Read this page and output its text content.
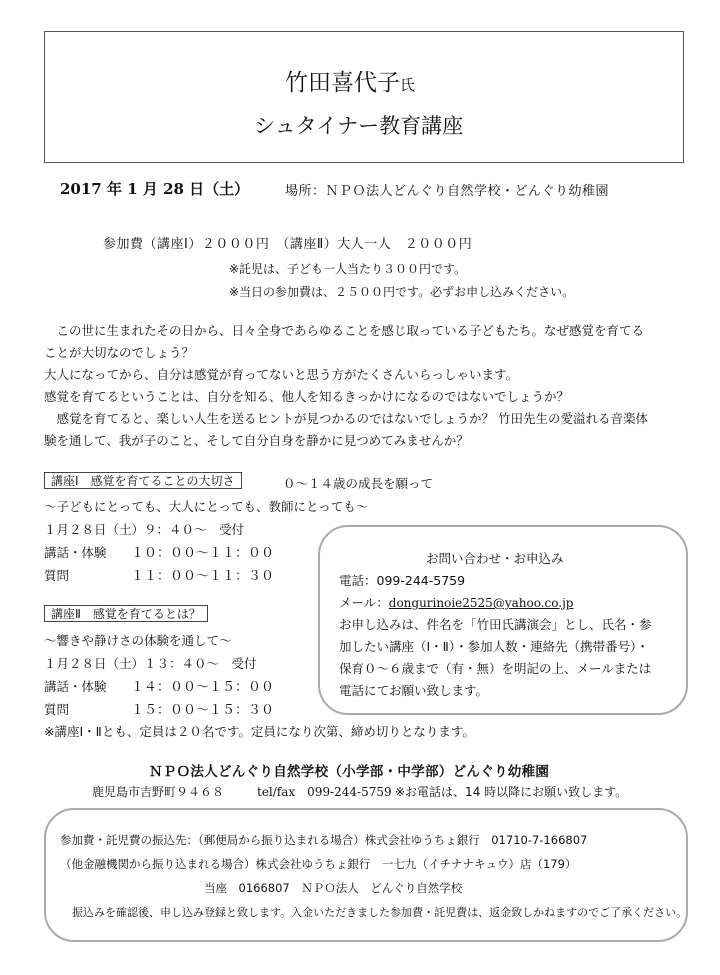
竹田喜代子氏
シュタイナー教育講座
2017 年 1 月 28 日（土）	場所：ＮＰＯ法人どんぐり自然学校・どんぐり幼稚園
参加費（講座Ⅰ）２０００円　（講座Ⅱ）大人一人　２０００円
※託児は、子ども一人当たり３００円です。
※当日の参加費は、２５００円です。必ずお申し込みください。
　この世に生まれたその日から、日々全身であらゆることを感じ取っている子どもたち。なぜ感覚を育てる
ことが大切なのでしょう？
大人になってから、自分は感覚が育ってないと思う方がたくさんいらっしゃいます。
感覚を育てるということは、自分を知る、他人を知るきっかけになるのではないでしょうか？
　感覚を育てると、楽しい人生を送るヒントが見つかるのではないでしょうか？ 竹田先生の愛溢れる音楽体
験を通して、我が子のこと、そして自分自身を静かに見つめてみませんか？
講座Ⅰ　感覚を育てることの大切さ	０～１４歳の成長を願って
～子どもにとっても、大人にとっても、教師にとっても～
１月２８日（土）９：４０～　受付
講話・体験 １０：００～１１：００
質問	１１：００～１１：３０
講座Ⅱ　感覚を育てるとは？
～響きや静けさの体験を通して～
１月２８日（土）１３：４０～　受付
講話・体験 １４：００～１５：００
質問	１５：００～１５：３０
※講座Ⅰ・Ⅱとも、定員は２０名です。定員になり次第、締め切りとなります。
お問い合わせ・お申込み
電話：099-244-5759
メール：dongurinoie2525@yahoo.co.jp
お申し込みは、件名を「竹田氏講演会」とし、氏名・参
加したい講座（Ⅰ・Ⅱ）・参加人数・連絡先（携帯番号）・
保育０～６歳まで（有・無）を明記の上、メールまたは
電話にてお願い致します。
ＮＰＯ法人どんぐり自然学校（小学部・中学部）どんぐり幼稚園
鹿児島市吉野町９４６８	tel/fax　099-244-5759 ※お電話は、14 時以降にお願い致します。
参加費・託児費の振込先：（郵便局から振り込まれる場合）株式会社ゆうちょ銀行　01710-7-166807
（他金融機関から振り込まれる場合）株式会社ゆうちょ銀行　一七九（イチナナキュウ）店（179）
当座　0166807　ＮＰＯ法人　どんぐり自然学校
振込みを確認後、申し込み登録と致します。入金いただきました参加費・託児費は、返金致しかねますのでご了承ください。
